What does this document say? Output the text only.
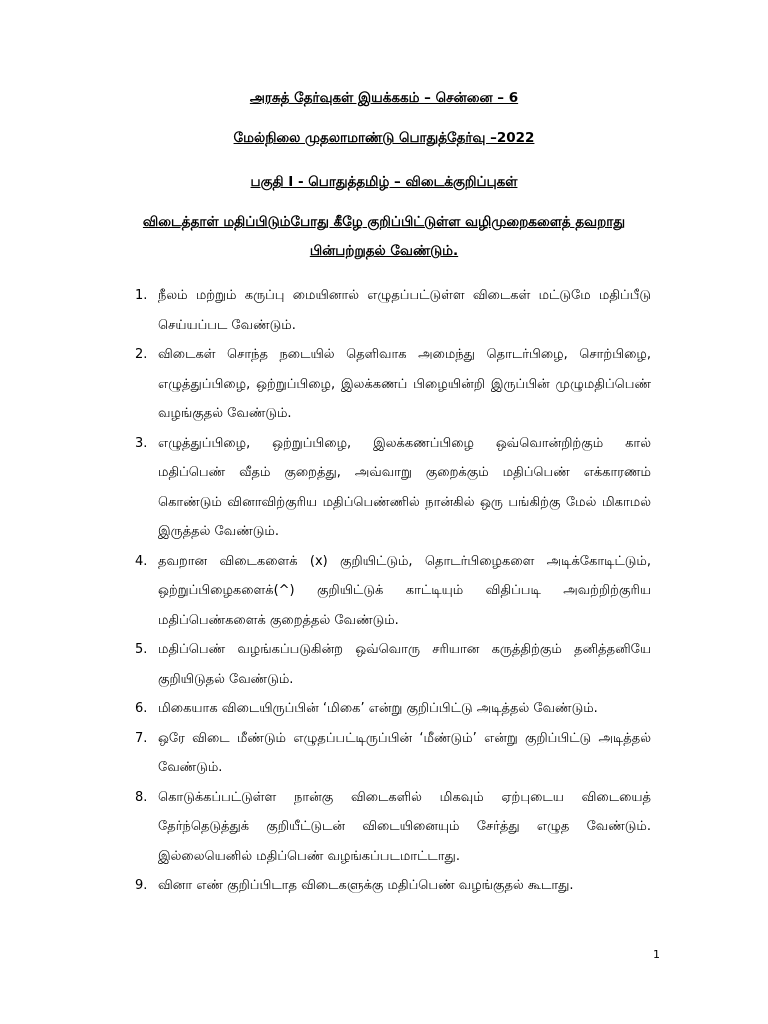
அரசுத் தேர்வுகள் இயக்ககம் – சென்னை – 6
மேல்நிலை முதலாமாண்டு பொதுத்தேர்வு –2022
பகுதி I - பொதுத்தமிழ் – விடைக்குறிப்புகள்
விடைத்தாள் மதிப்பிடும்போது கீழே குறிப்பிட்டுள்ள வழிமுறைகளைத் தவறாது
பின்பற்றுதல் வேண்டும்.
1. நீலம் மற்றும் கருப்பு மையினால் எழுதப்பட்டுள்ள விடைகள் மட்டுமே மதிப்பீடு செய்யப்பட வேண்டும்.
2. விடைகள் சொந்த நடையில் தெளிவாக அமைந்து தொடர்பிழை, சொற்பிழை, எழுத்துப்பிழை, ஒற்றுப்பிழை, இலக்கணப் பிழையின்றி இருப்பின் முழுமதிப்பெண் வழங்குதல் வேண்டும்.
3. எழுத்துப்பிழை, ஒற்றுப்பிழை, இலக்கணப்பிழை ஒவ்வொன்றிற்கும் கால் மதிப்பெண் வீதம் குறைத்து, அவ்வாறு குறைக்கும் மதிப்பெண் எக்காரணம் கொண்டும் வினாவிற்குரிய மதிப்பெண்ணில் நான்கில் ஒரு பங்கிற்கு மேல் மிகாமல் இருத்தல் வேண்டும்.
4. தவறான விடைகளைக் (x) குறியிட்டும், தொடர்பிழைகளை அடிக்கோடிட்டும், ஒற்றுப்பிழைகளைக்(^) குறியிட்டுக் காட்டியும் விதிப்படி அவற்றிற்குரிய மதிப்பெண்களைக் குறைத்தல் வேண்டும்.
5. மதிப்பெண் வழங்கப்படுகின்ற ஒவ்வொரு சரியான கருத்திற்கும் தனித்தனியே குறியிடுதல் வேண்டும்.
6. மிகையாக விடையிருப்பின் ‘மிகை’ என்று குறிப்பிட்டு அடித்தல் வேண்டும்.
7. ஒரே விடை மீண்டும் எழுதப்பட்டிருப்பின் ‘மீண்டும்’ என்று குறிப்பிட்டு அடித்தல் வேண்டும்.
8. கொடுக்கப்பட்டுள்ள நான்கு விடைகளில் மிகவும் ஏற்புடைய விடையைத் தேர்ந்தெடுத்துக் குறியீட்டுடன் விடையினையும் சேர்த்து எழுத வேண்டும். இல்லையெனில் மதிப்பெண் வழங்கப்படமாட்டாது.
9. வினா எண் குறிப்பிடாத விடைகளுக்கு மதிப்பெண் வழங்குதல் கூடாது.
1
